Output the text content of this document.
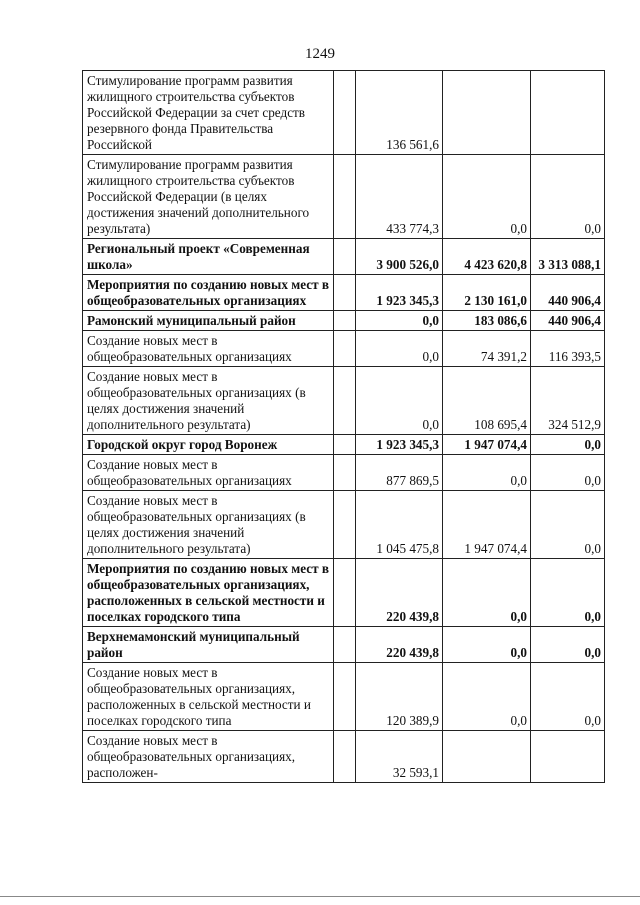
1249
Стимулирование программ развития жилищного строительства субъектов Российской Федерации за счет средств резервного фонда Правительства Российской		136 561,6		
Стимулирование программ развития жилищного строительства субъектов Российской Федерации (в целях достижения значений дополнительного результата)		433 774,3	0,0	0,0
Региональный проект «Современная школа»		3 900 526,0	4 423 620,8	3 313 088,1
Мероприятия по созданию новых мест в общеобразовательных организациях		1 923 345,3	2 130 161,0	440 906,4
Рамонский муниципальный район		0,0	183 086,6	440 906,4
Создание новых мест в общеобразовательных организациях		0,0	74 391,2	116 393,5
Создание новых мест в общеобразовательных организациях (в целях достижения значений дополнительного результата)		0,0	108 695,4	324 512,9
Городской округ город Воронеж		1 923 345,3	1 947 074,4	0,0
Создание новых мест в общеобразовательных организациях		877 869,5	0,0	0,0
Создание новых мест в общеобразовательных организациях (в целях достижения значений дополнительного результата)		1 045 475,8	1 947 074,4	0,0
Мероприятия по созданию новых мест в общеобразовательных организациях, расположенных в сельской местности и поселках городского типа		220 439,8	0,0	0,0
Верхнемамонский муниципальный район		220 439,8	0,0	0,0
Создание новых мест в общеобразовательных организациях, расположенных в сельской местности и поселках городского типа		120 389,9	0,0	0,0
Создание новых мест в общеобразовательных организациях, расположен-		32 593,1		
